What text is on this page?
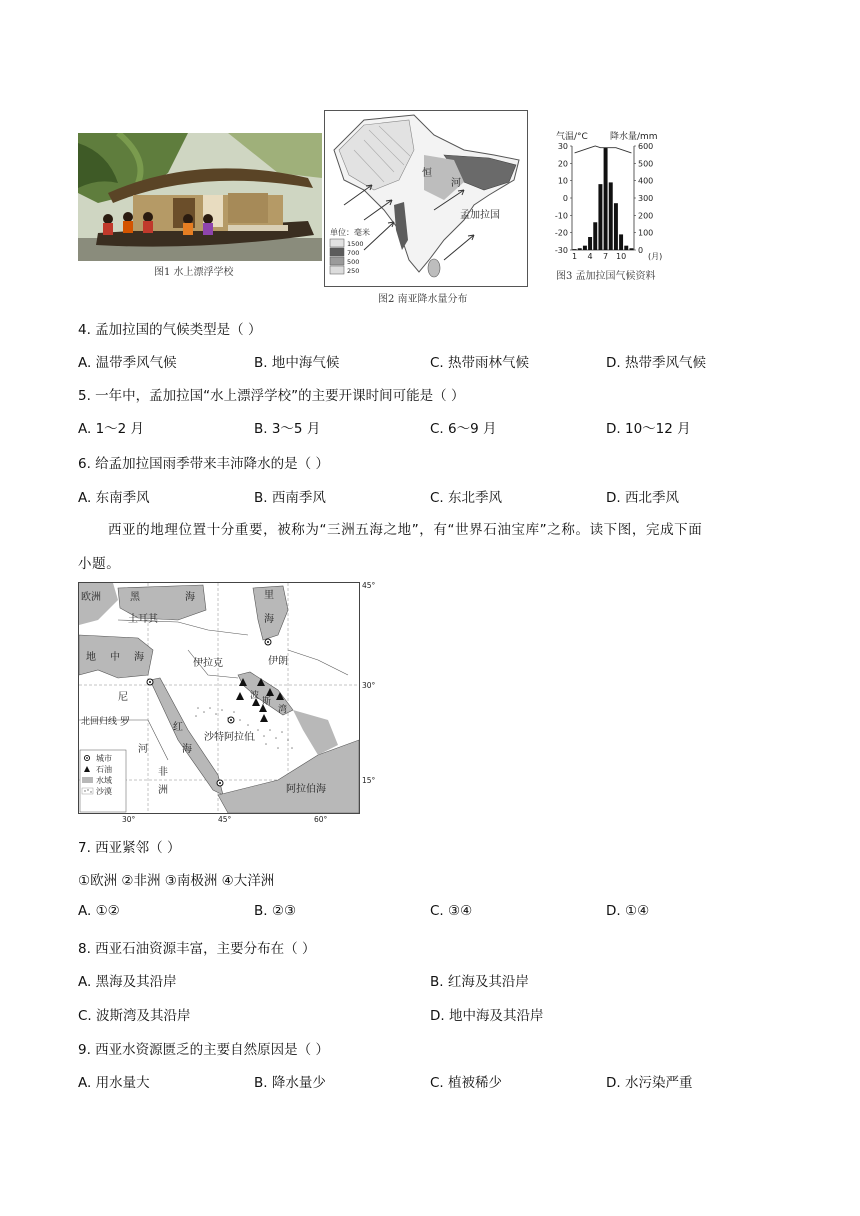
图1 水上漂浮学校
恒
河
孟加拉国
单位：毫米
1500
700
500
250
图2 南亚降水量分布
气温/°C 降水量/mm
(月)
30
20
10
0
-10
-20
-30
600
500
400
300
200
100
0
1 4 7 10
图3 孟加拉国气候资料
4. 孟加拉国的气候类型是（ ）
A. 温带季风气候	B. 地中海气候	C. 热带雨林气候	D. 热带季风气候
5. 一年中，孟加拉国“水上漂浮学校”的主要开课时间可能是（ ）
A. 1～2 月	B. 3～5 月	C. 6～9 月	D. 10～12 月
6. 给孟加拉国雨季带来丰沛降水的是（ ）
A. 东南季风	B. 西南季风	C. 东北季风	D. 西北季风
西亚的地理位置十分重要，被称为“三洲五海之地”，有“世界石油宝库”之称。读下图，完成下面
小题。
欧洲	黑	海	里
海
土耳其
地 中 海
伊拉克	伊朗
波
斯
湾
北回归线
尼
罗
河
红
海
沙特阿拉伯
非
洲	阿拉伯海
45°
30°
15°
30°	45°	60°
城市
石油
水域
沙漠
7. 西亚紧邻（ ）
①欧洲 ②非洲 ③南极洲 ④大洋洲
A. ①②	B. ②③	C. ③④	D. ①④
8. 西亚石油资源丰富，主要分布在（ ）
A. 黑海及其沿岸	B. 红海及其沿岸
C. 波斯湾及其沿岸	D. 地中海及其沿岸
9. 西亚水资源匮乏的主要自然原因是（ ）
A. 用水量大	B. 降水量少	C. 植被稀少	D. 水污染严重
